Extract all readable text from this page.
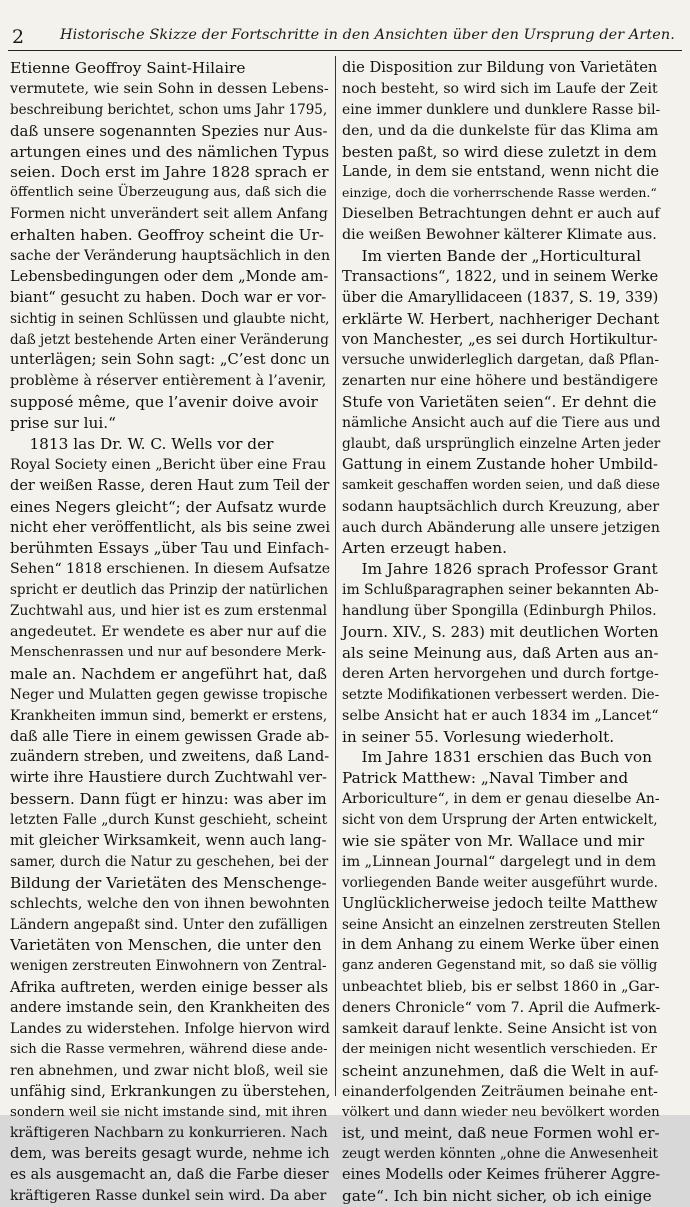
2 Historische Skizze der Fortschritte in den Ansichten über den Ursprung der Arten.
Etienne Geoffroy Saint-Hilaire
vermutete, wie sein Sohn in dessen Lebens-
beschreibung berichtet, schon ums Jahr 1795,
daß unsere sogenannten Spezies nur Aus-
artungen eines und des nämlichen Typus
seien. Doch erst im Jahre 1828 sprach er
öffentlich seine Überzeugung aus, daß sich die
Formen nicht unverändert seit allem Anfang
erhalten haben. Geoffroy scheint die Ur-
sache der Veränderung hauptsächlich in den
Lebensbedingungen oder dem „Monde am-
biant“ gesucht zu haben. Doch war er vor-
sichtig in seinen Schlüssen und glaubte nicht,
daß jetzt bestehende Arten einer Veränderung
unterlägen; sein Sohn sagt: „C’est donc un
problème à réserver entièrement à l’avenir,
supposé même, que l’avenir doive avoir
prise sur lui.“
1813 las Dr. W. C. Wells vor der
Royal Society einen „Bericht über eine Frau
der weißen Rasse, deren Haut zum Teil der
eines Negers gleicht“; der Aufsatz wurde
nicht eher veröffentlicht, als bis seine zwei
berühmten Essays „über Tau und Einfach-
Sehen“ 1818 erschienen. In diesem Aufsatze
spricht er deutlich das Prinzip der natürlichen
Zuchtwahl aus, und hier ist es zum erstenmal
angedeutet. Er wendete es aber nur auf die
Menschenrassen und nur auf besondere Merk-
male an. Nachdem er angeführt hat, daß
Neger und Mulatten gegen gewisse tropische
Krankheiten immun sind, bemerkt er erstens,
daß alle Tiere in einem gewissen Grade ab-
zuändern streben, und zweitens, daß Land-
wirte ihre Haustiere durch Zuchtwahl ver-
bessern. Dann fügt er hinzu: was aber im
letzten Falle „durch Kunst geschieht, scheint
mit gleicher Wirksamkeit, wenn auch lang-
samer, durch die Natur zu geschehen, bei der
Bildung der Varietäten des Menschenge-
schlechts, welche den von ihnen bewohnten
Ländern angepaßt sind. Unter den zufälligen
Varietäten von Menschen, die unter den
wenigen zerstreuten Einwohnern von Zentral-
Afrika auftreten, werden einige besser als
andere imstande sein, den Krankheiten des
Landes zu widerstehen. Infolge hiervon wird
sich die Rasse vermehren, während diese ande-
ren abnehmen, und zwar nicht bloß, weil sie
unfähig sind, Erkrankungen zu überstehen,
sondern weil sie nicht imstande sind, mit ihren
kräftigeren Nachbarn zu konkurrieren. Nach
dem, was bereits gesagt wurde, nehme ich
es als ausgemacht an, daß die Farbe dieser
kräftigeren Rasse dunkel sein wird. Da aber
die Disposition zur Bildung von Varietäten
noch besteht, so wird sich im Laufe der Zeit
eine immer dunklere und dunklere Rasse bil-
den, und da die dunkelste für das Klima am
besten paßt, so wird diese zuletzt in dem
Lande, in dem sie entstand, wenn nicht die
einzige, doch die vorherrschende Rasse werden.“
Dieselben Betrachtungen dehnt er auch auf
die weißen Bewohner kälterer Klimate aus.
Im vierten Bande der „Horticultural
Transactions“, 1822, und in seinem Werke
über die Amaryllidaceen (1837, S. 19, 339)
erklärte W. Herbert, nachheriger Dechant
von Manchester, „es sei durch Hortikultur-
versuche unwiderleglich dargetan, daß Pflan-
zenarten nur eine höhere und beständigere
Stufe von Varietäten seien“. Er dehnt die
nämliche Ansicht auch auf die Tiere aus und
glaubt, daß ursprünglich einzelne Arten jeder
Gattung in einem Zustande hoher Umbild-
samkeit geschaffen worden seien, und daß diese
sodann hauptsächlich durch Kreuzung, aber
auch durch Abänderung alle unsere jetzigen
Arten erzeugt haben.
Im Jahre 1826 sprach Professor Grant
im Schlußparagraphen seiner bekannten Ab-
handlung über Spongilla (Edinburgh Philos.
Journ. XIV., S. 283) mit deutlichen Worten
als seine Meinung aus, daß Arten aus an-
deren Arten hervorgehen und durch fortge-
setzte Modifikationen verbessert werden. Die-
selbe Ansicht hat er auch 1834 im „Lancet“
in seiner 55. Vorlesung wiederholt.
Im Jahre 1831 erschien das Buch von
Patrick Matthew: „Naval Timber and
Arboriculture“, in dem er genau dieselbe An-
sicht von dem Ursprung der Arten entwickelt,
wie sie später von Mr. Wallace und mir
im „Linnean Journal“ dargelegt und in dem
vorliegenden Bande weiter ausgeführt wurde.
Unglücklicherweise jedoch teilte Matthew
seine Ansicht an einzelnen zerstreuten Stellen
in dem Anhang zu einem Werke über einen
ganz anderen Gegenstand mit, so daß sie völlig
unbeachtet blieb, bis er selbst 1860 in „Gar-
deners Chronicle“ vom 7. April die Aufmerk-
samkeit darauf lenkte. Seine Ansicht ist von
der meinigen nicht wesentlich verschieden. Er
scheint anzunehmen, daß die Welt in auf-
einanderfolgenden Zeiträumen beinahe ent-
völkert und dann wieder neu bevölkert worden
ist, und meint, daß neue Formen wohl er-
zeugt werden könnten „ohne die Anwesenheit
eines Modells oder Keimes früherer Aggre-
gate“. Ich bin nicht sicher, ob ich einige
